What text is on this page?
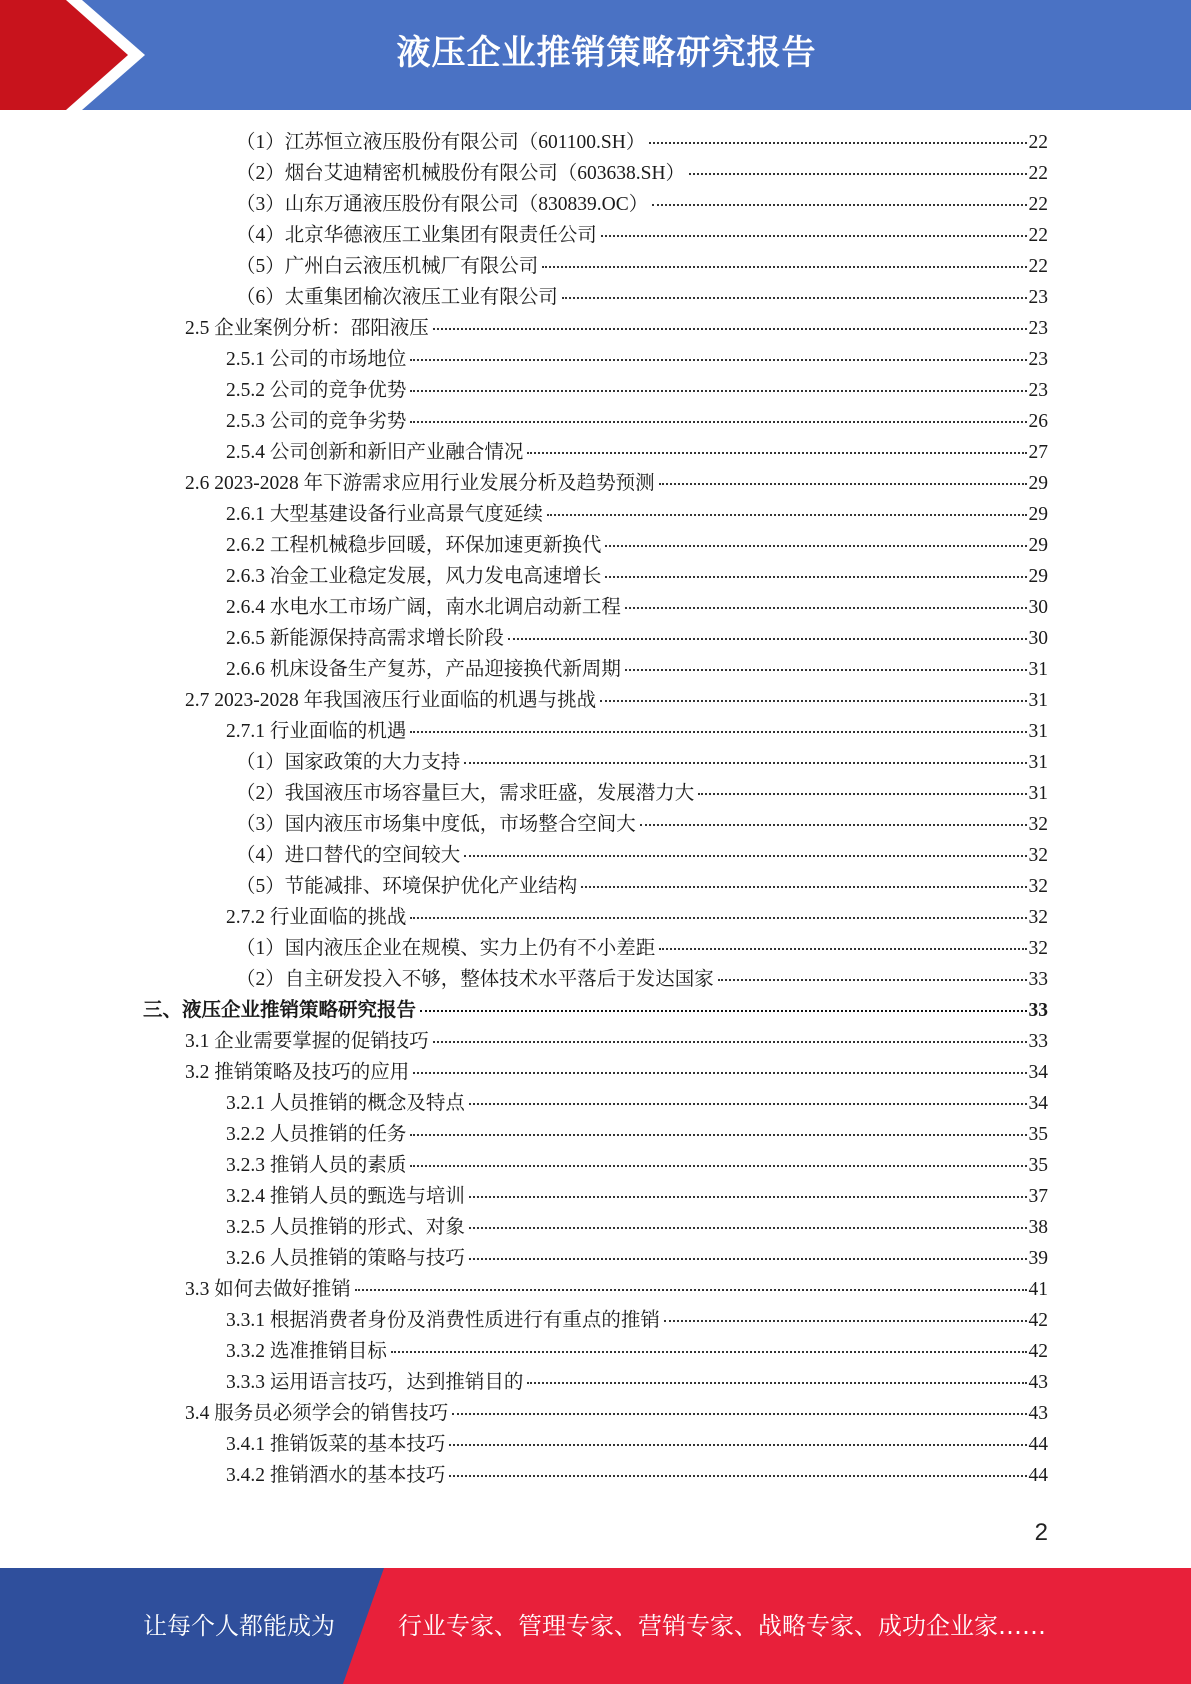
液压企业推销策略研究报告
（1）江苏恒立液压股份有限公司（601100.SH）	22
（2）烟台艾迪精密机械股份有限公司（603638.SH）	22
（3）山东万通液压股份有限公司（830839.OC）	22
（4）北京华德液压工业集团有限责任公司	22
（5）广州白云液压机械厂有限公司	22
（6）太重集团榆次液压工业有限公司	23
2.5 企业案例分析：邵阳液压	23
2.5.1 公司的市场地位	23
2.5.2 公司的竞争优势	23
2.5.3 公司的竞争劣势	26
2.5.4 公司创新和新旧产业融合情况	27
2.6 2023-2028 年下游需求应用行业发展分析及趋势预测	29
2.6.1 大型基建设备行业高景气度延续	29
2.6.2 工程机械稳步回暖，环保加速更新换代	29
2.6.3 冶金工业稳定发展，风力发电高速增长	29
2.6.4 水电水工市场广阔，南水北调启动新工程	30
2.6.5 新能源保持高需求增长阶段	30
2.6.6 机床设备生产复苏，产品迎接换代新周期	31
2.7 2023-2028 年我国液压行业面临的机遇与挑战	31
2.7.1 行业面临的机遇	31
（1）国家政策的大力支持	31
（2）我国液压市场容量巨大，需求旺盛，发展潜力大	31
（3）国内液压市场集中度低，市场整合空间大	32
（4）进口替代的空间较大	32
（5）节能减排、环境保护优化产业结构	32
2.7.2 行业面临的挑战	32
（1）国内液压企业在规模、实力上仍有不小差距	32
（2）自主研发投入不够，整体技术水平落后于发达国家	33
三、液压企业推销策略研究报告	33
3.1 企业需要掌握的促销技巧	33
3.2 推销策略及技巧的应用	34
3.2.1 人员推销的概念及特点	34
3.2.2 人员推销的任务	35
3.2.3 推销人员的素质	35
3.2.4 推销人员的甄选与培训	37
3.2.5 人员推销的形式、对象	38
3.2.6 人员推销的策略与技巧	39
3.3 如何去做好推销	41
3.3.1 根据消费者身份及消费性质进行有重点的推销	42
3.3.2 选准推销目标	42
3.3.3 运用语言技巧，达到推销目的	43
3.4 服务员必须学会的销售技巧	43
3.4.1 推销饭菜的基本技巧	44
3.4.2 推销酒水的基本技巧	44
2
让每个人都能成为	行业专家、管理专家、营销专家、战略专家、成功企业家……
